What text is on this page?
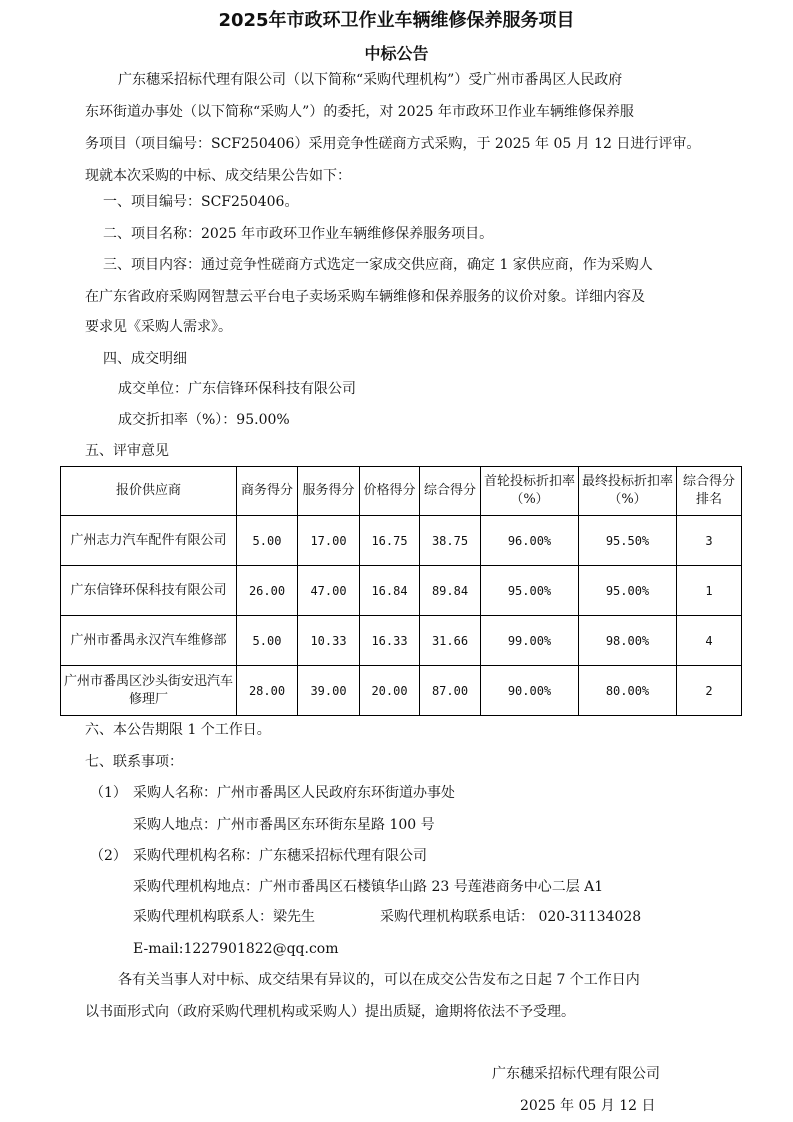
2025年市政环卫作业车辆维修保养服务项目
中标公告
广东穗采招标代理有限公司（以下简称“采购代理机构”）受广州市番禺区人民政府
东环街道办事处（以下简称“采购人”）的委托，对 2025 年市政环卫作业车辆维修保养服
务项目（项目编号：SCF250406）采用竞争性磋商方式采购，于 2025 年 05 月 12 日进行评审。
现就本次采购的中标、成交结果公告如下：
一、项目编号：SCF250406。
二、项目名称：2025 年市政环卫作业车辆维修保养服务项目。
三、项目内容：通过竞争性磋商方式选定一家成交供应商，确定 1 家供应商，作为采购人
在广东省政府采购网智慧云平台电子卖场采购车辆维修和保养服务的议价对象。详细内容及
要求见《采购人需求》。
四、成交明细
成交单位：广东信锋环保科技有限公司
成交折扣率（%）：95.00%
五、评审意见
报价供应商	商务得分	服务得分	价格得分	综合得分	首轮投标折扣率（%）	最终投标折扣率（%）	综合得分排名
广州志力汽车配件有限公司	5.00	17.00	16.75	38.75	96.00%	95.50%	3
广东信锋环保科技有限公司	26.00	47.00	16.84	89.84	95.00%	95.00%	1
广州市番禺永汉汽车维修部	5.00	10.33	16.33	31.66	99.00%	98.00%	4
广州市番禺区沙头街安迅汽车修理厂	28.00	39.00	20.00	87.00	90.00%	80.00%	2
六、本公告期限 1 个工作日。
七、联系事项：
（1） 采购人名称：广州市番禺区人民政府东环街道办事处
采购人地点：广州市番禺区东环街东星路 100 号
（2） 采购代理机构名称：广东穗采招标代理有限公司
采购代理机构地点：广州市番禺区石楼镇华山路 23 号莲港商务中心二层 A1
采购代理机构联系人：梁先生	采购代理机构联系电话： 020-31134028
E-mail:1227901822@qq.com
各有关当事人对中标、成交结果有异议的，可以在成交公告发布之日起 7 个工作日内
以书面形式向（政府采购代理机构或采购人）提出质疑，逾期将依法不予受理。
广东穗采招标代理有限公司
2025 年 05 月 12 日
